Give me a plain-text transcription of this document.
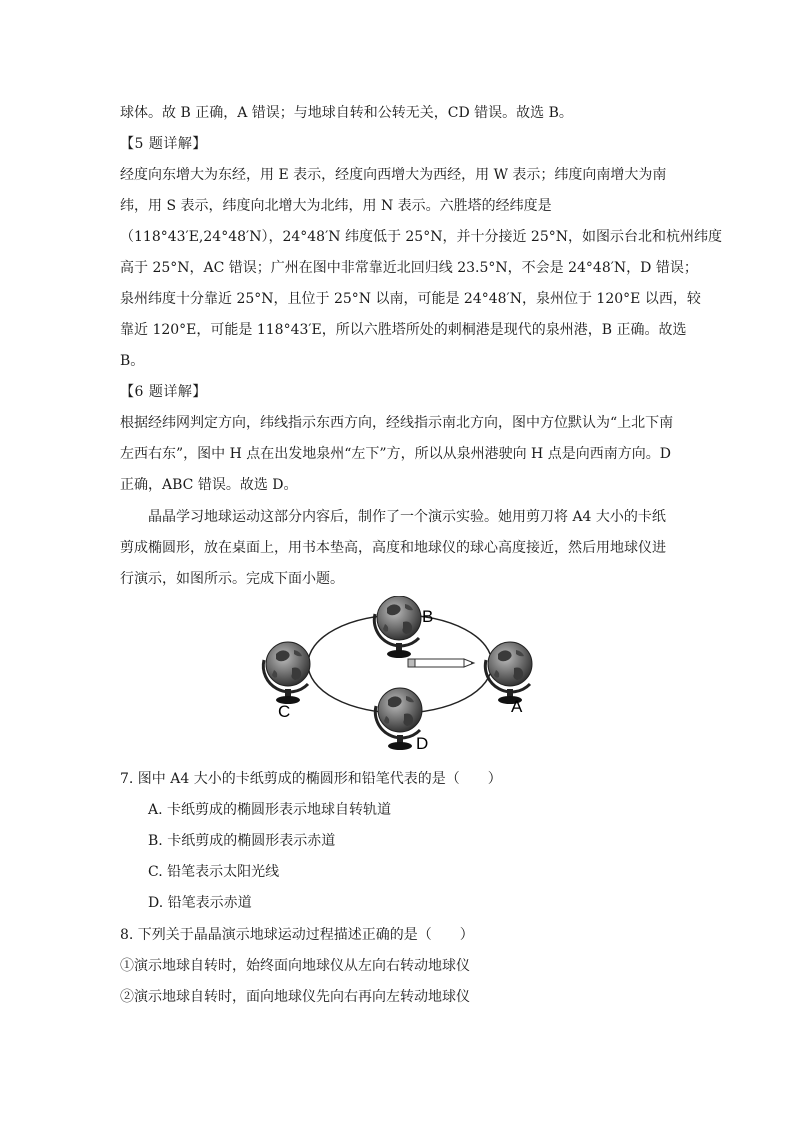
球体。故 B 正确，A 错误；与地球自转和公转无关，CD 错误。故选 B。
【5 题详解】
经度向东增大为东经，用 E 表示，经度向西增大为西经，用 W 表示；纬度向南增大为南
纬，用 S 表示，纬度向北增大为北纬，用 N 表示。六胜塔的经纬度是
（118°43′E,24°48′N），24°48′N 纬度低于 25°N，并十分接近 25°N，如图示台北和杭州纬度
高于 25°N，AC 错误；广州在图中非常靠近北回归线 23.5°N，不会是 24°48′N，D 错误；
泉州纬度十分靠近 25°N，且位于 25°N 以南，可能是 24°48′N，泉州位于 120°E 以西，较
靠近 120°E，可能是 118°43′E，所以六胜塔所处的刺桐港是现代的泉州港，B 正确。故选
B。
【6 题详解】
根据经纬网判定方向，纬线指示东西方向，经线指示南北方向，图中方位默认为“上北下南
左西右东”，图中 H 点在出发地泉州“左下”方，所以从泉州港驶向 H 点是向西南方向。D
正确，ABC 错误。故选 D。
晶晶学习地球运动这部分内容后，制作了一个演示实验。她用剪刀将 A4 大小的卡纸
剪成椭圆形，放在桌面上，用书本垫高，高度和地球仪的球心高度接近，然后用地球仪进
行演示，如图所示。完成下面小题。
B
C	A
D
7. 图中 A4 大小的卡纸剪成的椭圆形和铅笔代表的是（　　）
A. 卡纸剪成的椭圆形表示地球自转轨道
B. 卡纸剪成的椭圆形表示赤道
C. 铅笔表示太阳光线
D. 铅笔表示赤道
8. 下列关于晶晶演示地球运动过程描述正确的是（　　）
①演示地球自转时，始终面向地球仪从左向右转动地球仪
②演示地球自转时，面向地球仪先向右再向左转动地球仪
